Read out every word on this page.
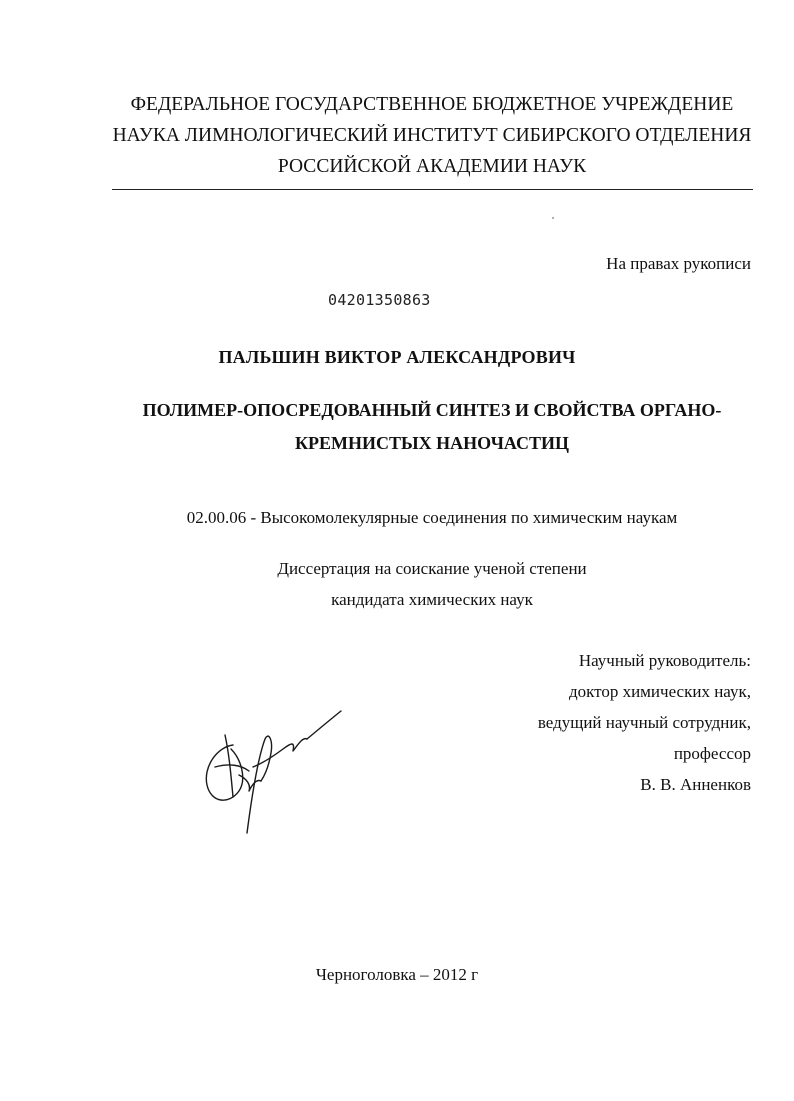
ФЕДЕРАЛЬНОЕ ГОСУДАРСТВЕННОЕ БЮДЖЕТНОЕ УЧРЕЖДЕНИЕ
НАУКА ЛИМНОЛОГИЧЕСКИЙ ИНСТИТУТ СИБИРСКОГО ОТДЕЛЕНИЯ
РОССИЙСКОЙ АКАДЕМИИ НАУК
На правах рукописи
04201350863
ПАЛЬШИН ВИКТОР АЛЕКСАНДРОВИЧ
ПОЛИМЕР-ОПОСРЕДОВАННЫЙ СИНТЕЗ И СВОЙСТВА ОРГАНО-
КРЕМНИСТЫХ НАНОЧАСТИЦ
02.00.06 - Высокомолекулярные соединения по химическим наукам
Диссертация на соискание ученой степени
кандидата химических наук
Научный руководитель:
доктор химических наук,
ведущий научный сотрудник,
профессор
В. В. Анненков
Черноголовка – 2012 г
